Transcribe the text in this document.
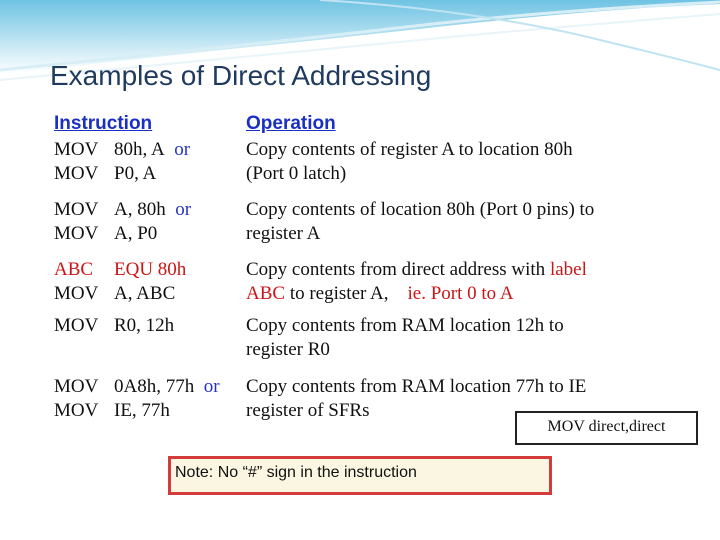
Examples of Direct Addressing
Instruction	Operation
MOV 80h, A or
MOV P0, A
MOV A, 80h or
MOV A, P0
ABC EQU 80h
MOV A, ABC
MOV R0, 12h
MOV 0A8h, 77h or
MOV IE, 77h
Copy contents of register A to location 80h
(Port 0 latch)
Copy contents of location 80h (Port 0 pins) to
register A
Copy contents from direct address with label
ABC to register A,    ie. Port 0 to A
Copy contents from RAM location 12h to
register R0
Copy contents from RAM location 77h to IE
register of SFRs
MOV direct,direct
Note: No “#” sign in the instruction
